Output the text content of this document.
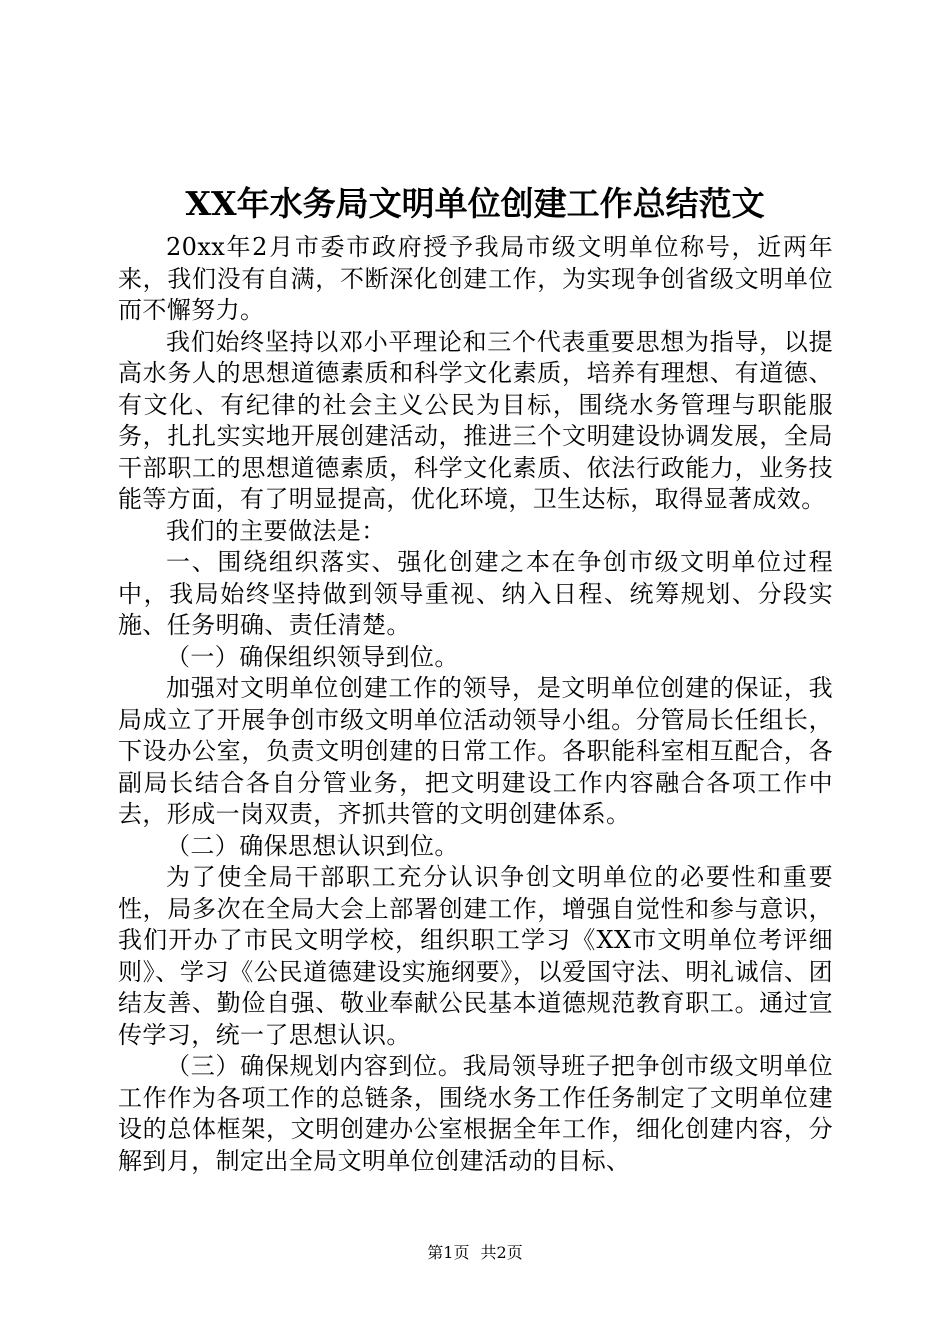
XX年水务局文明单位创建工作总结范文

20xx年2月市委市政府授予我局市级文明单位称号，近两年来，我们没有自满，不断深化创建工作，为实现争创省级文明单位而不懈努力。

我们始终坚持以邓小平理论和三个代表重要思想为指导，以提高水务人的思想道德素质和科学文化素质，培养有理想、有道德、有文化、有纪律的社会主义公民为目标，围绕水务管理与职能服务，扎扎实实地开展创建活动，推进三个文明建设协调发展，全局干部职工的思想道德素质，科学文化素质、依法行政能力，业务技能等方面，有了明显提高，优化环境，卫生达标，取得显著成效。

我们的主要做法是：

一、围绕组织落实、强化创建之本在争创市级文明单位过程中，我局始终坚持做到领导重视、纳入日程、统筹规划、分段实施、任务明确、责任清楚。

（一）确保组织领导到位。

加强对文明单位创建工作的领导，是文明单位创建的保证，我局成立了开展争创市级文明单位活动领导小组。分管局长任组长，下设办公室，负责文明创建的日常工作。各职能科室相互配合，各副局长结合各自分管业务，把文明建设工作内容融合各项工作中去，形成一岗双责，齐抓共管的文明创建体系。

（二）确保思想认识到位。

为了使全局干部职工充分认识争创文明单位的必要性和重要性，局多次在全局大会上部署创建工作，增强自觉性和参与意识，我们开办了市民文明学校，组织职工学习《XX市文明单位考评细则》、学习《公民道德建设实施纲要》，以爱国守法、明礼诚信、团结友善、勤俭自强、敬业奉献公民基本道德规范教育职工。通过宣传学习，统一了思想认识。

（三）确保规划内容到位。我局领导班子把争创市级文明单位工作作为各项工作的总链条，围绕水务工作任务制定了文明单位建设的总体框架，文明创建办公室根据全年工作，细化创建内容，分解到月，制定出全局文明单位创建活动的目标、

第1页 共2页
